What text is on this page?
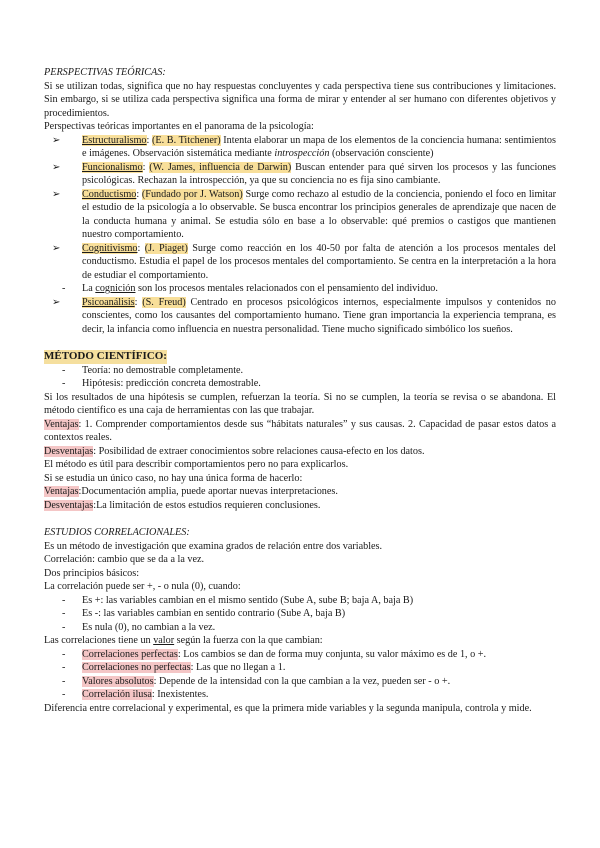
PERSPECTIVAS TEÓRICAS:

Si se utilizan todas, significa que no hay respuestas concluyentes y cada perspectiva tiene sus contribuciones y limitaciones. Sin embargo, si se utiliza cada perspectiva significa una forma de mirar y entender al ser humano con diferentes objetivos y procedimientos.

Perspectivas teóricas importantes en el panorama de la psicología:

➢ Estructuralismo: (E. B. Titchener) Intenta elaborar un mapa de los elementos de la conciencia humana: sentimientos e imágenes. Observación sistemática mediante introspección (observación consciente)
➢ Funcionalismo: (W. James, influencia de Darwin) Buscan entender para qué sirven los procesos y las funciones psicológicas. Rechazan la introspección, ya que su conciencia no es fija sino cambiante.
➢ Conductismo: (Fundado por J. Watson) Surge como rechazo al estudio de la conciencia, poniendo el foco en limitar el estudio de la psicología a lo observable. Se busca encontrar los principios generales de aprendizaje que nacen de la conducta humana y animal. Se estudia sólo en base a lo observable: qué premios o castigos que mantienen nuestro comportamiento.
➢ Cognitivismo: (J. Piaget) Surge como reacción en los 40-50 por falta de atención a los procesos mentales del conductismo. Estudia el papel de los procesos mentales del comportamiento. Se centra en la interpretación a la hora de estudiar el comportamiento.
- La cognición son los procesos mentales relacionados con el pensamiento del individuo.
➢ Psicoanálisis: (S. Freud) Centrado en procesos psicológicos internos, especialmente impulsos y contenidos no conscientes, como los causantes del comportamiento humano. Tiene gran importancia la experiencia temprana, es decir, la infancia como influencia en nuestra personalidad. Tiene mucho significado simbólico los sueños.
MÉTODO CIENTÍFICO:
- Teoría: no demostrable completamente.
- Hipótesis: predicción concreta demostrable.

Si los resultados de una hipótesis se cumplen, refuerzan la teoría. Si no se cumplen, la teoría se revisa o se abandona. El método científico es una caja de herramientas con las que trabajar.

Ventajas: 1. Comprender comportamientos desde sus “hábitats naturales” y sus causas. 2. Capacidad de pasar estos datos a contextos reales.

Desventajas: Posibilidad de extraer conocimientos sobre relaciones causa-efecto en los datos.

El método es útil para describir comportamientos pero no para explicarlos.

Si se estudia un único caso, no hay una única forma de hacerlo:

Ventajas:Documentación amplia, puede aportar nuevas interpretaciones.

Desventajas:La limitación de estos estudios requieren conclusiones.

ESTUDIOS CORRELACIONALES:

Es un método de investigación que examina grados de relación entre dos variables.

Correlación: cambio que se da a la vez.

Dos principios básicos:

La correlación puede ser +, - o nula (0), cuando:

- Es +: las variables cambian en el mismo sentido (Sube A, sube B; baja A, baja B)
- Es -: las variables cambian en sentido contrario (Sube A, baja B)
- Es nula (0), no cambian a la vez.

Las correlaciones tiene un valor según la fuerza con la que cambian:

- Correlaciones perfectas: Los cambios se dan de forma muy conjunta, su valor máximo es de 1, o +.
- Correlaciones no perfectas: Las que no llegan a 1.
- Valores absolutos: Depende de la intensidad con la que cambian a la vez, pueden ser - o +.
- Correlación ilusa: Inexistentes.

Diferencia entre correlacional y experimental, es que la primera mide variables y la segunda manipula, controla y mide.
